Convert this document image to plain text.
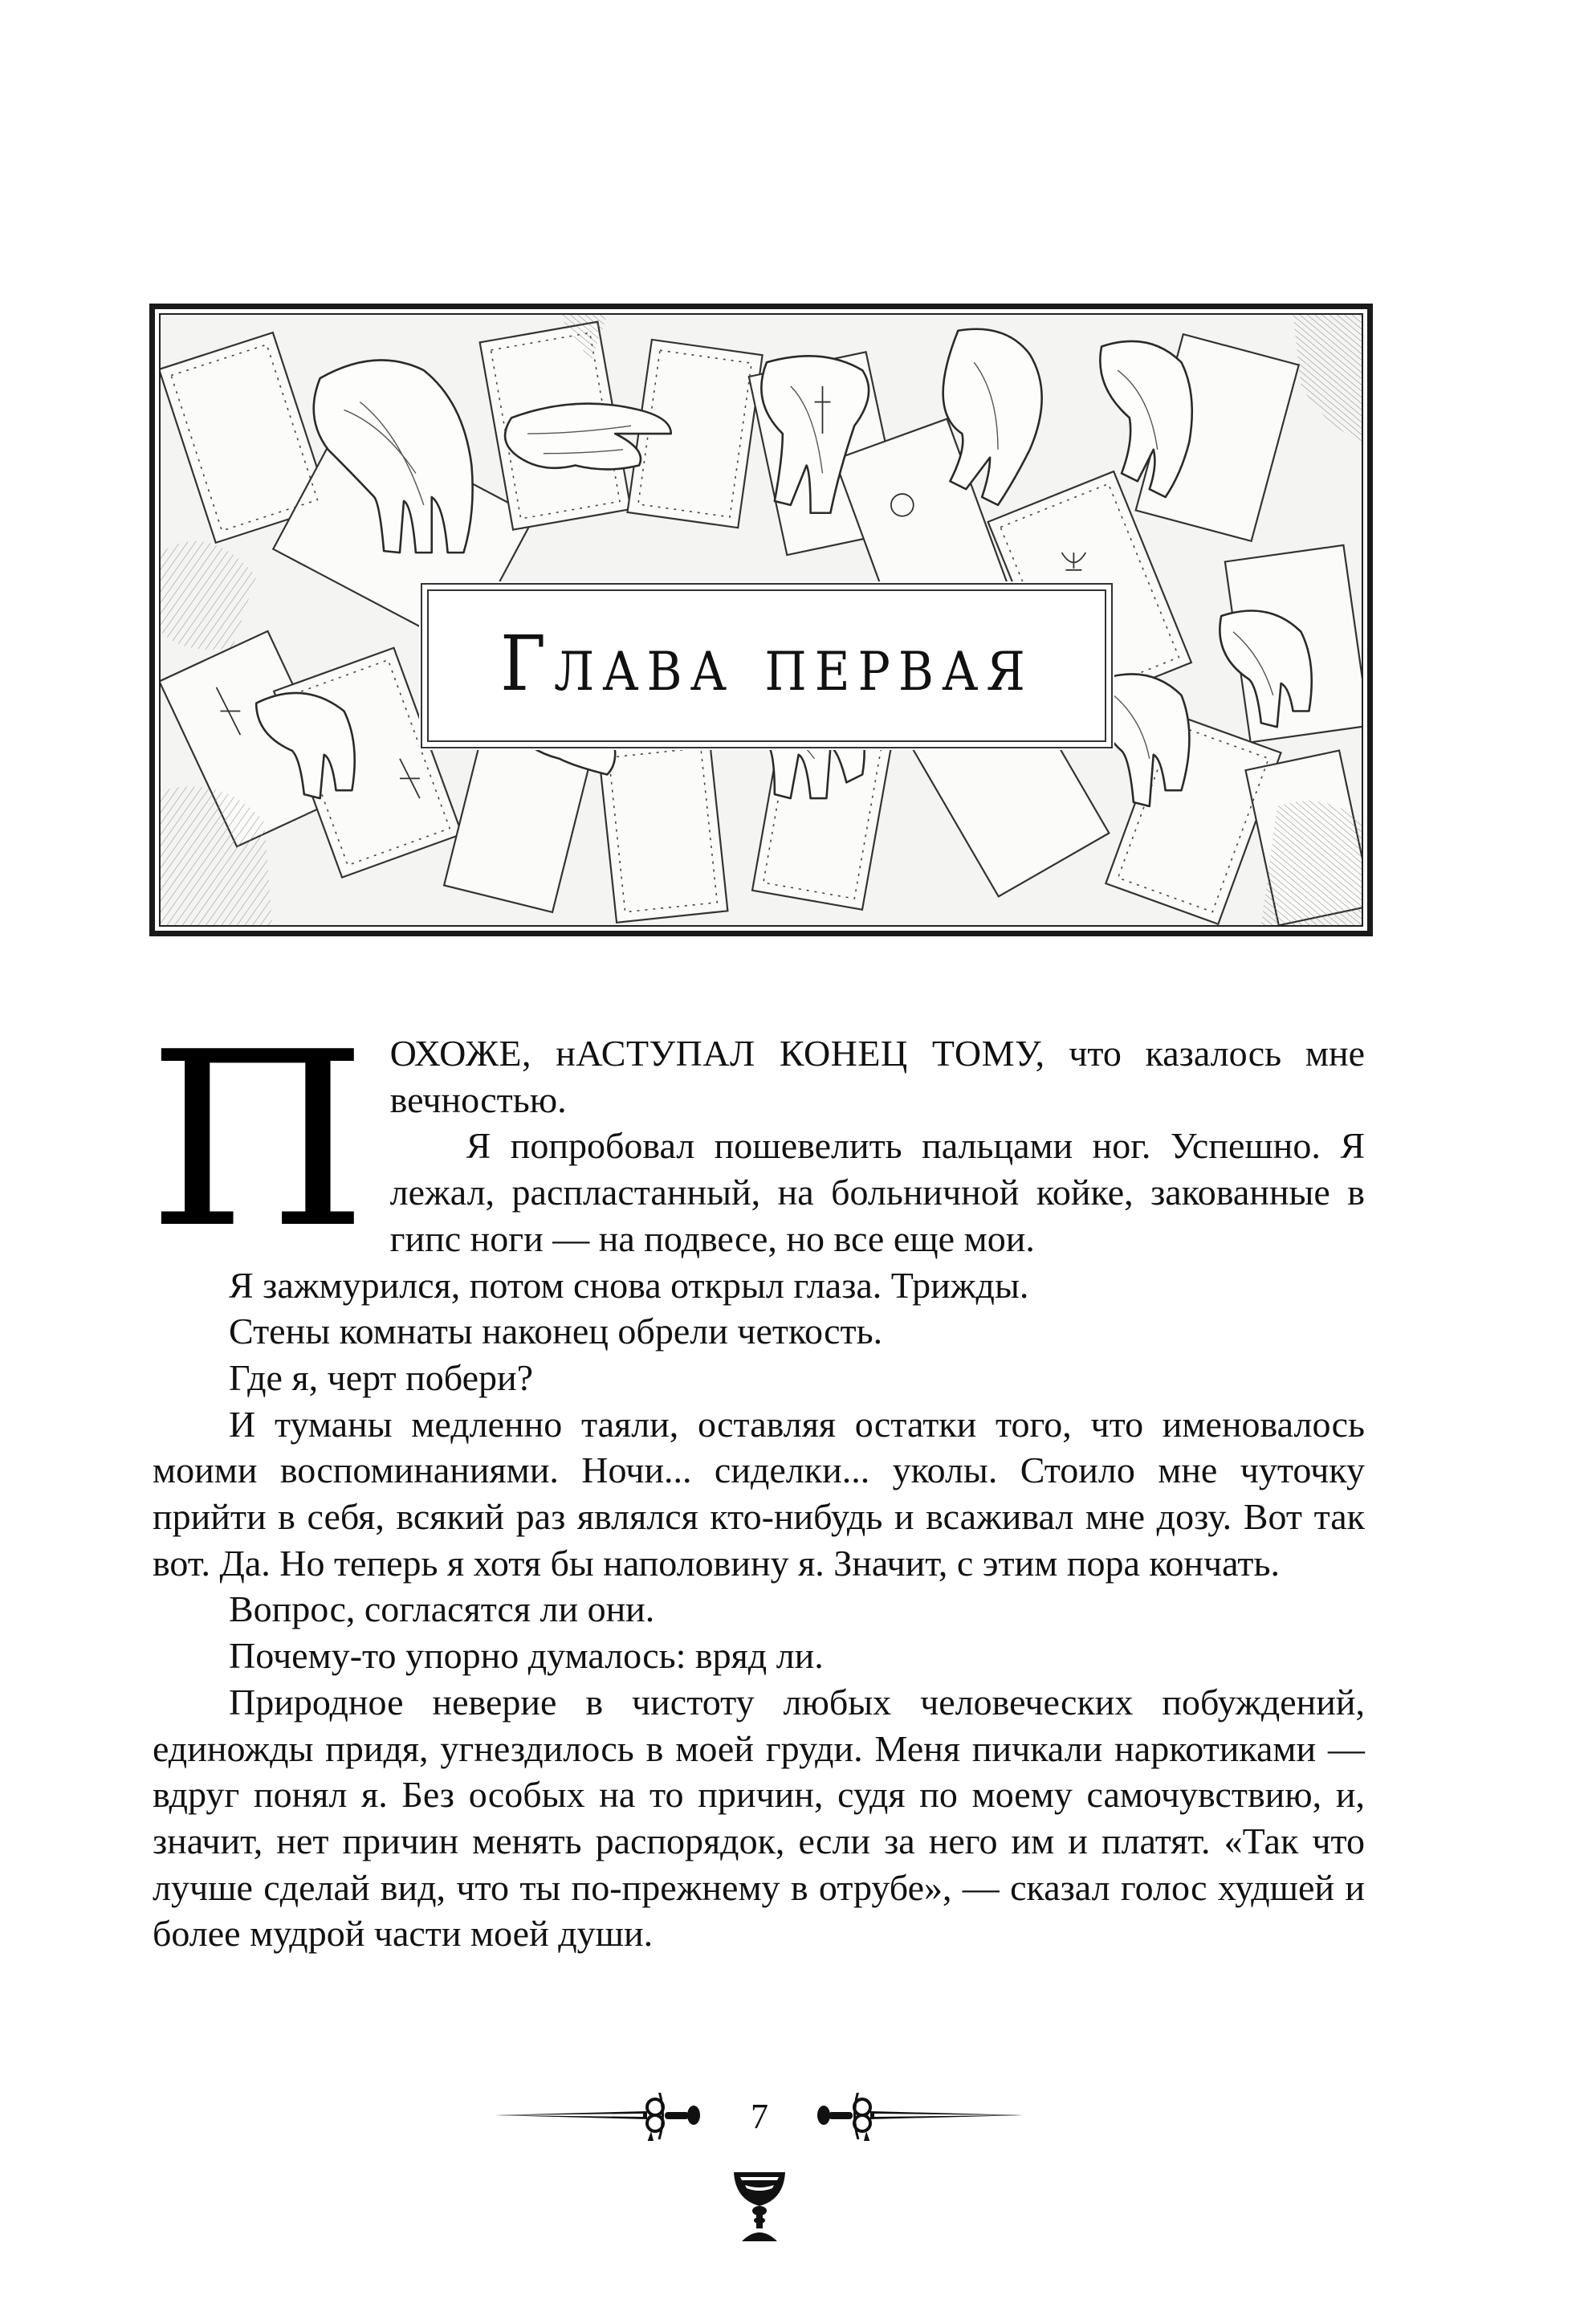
Глава первая

ПОХОЖЕ, нАСТУПАЛ КОНЕЦ ТОМУ, что казалось мне вечностью.

Я попробовал пошевелить пальцами ног. Успешно. Я лежал, распластанный, на больничной койке, закованные в гипс ноги — на подвесе, но все еще мои.

Я зажмурился, потом снова открыл глаза. Трижды.

Стены комнаты наконец обрели четкость.

Где я, черт побери?

И туманы медленно таяли, оставляя остатки того, что именовалось моими воспоминаниями. Ночи... сиделки... уколы. Стоило мне чуточку прийти в себя, всякий раз являлся кто-нибудь и всаживал мне дозу. Вот так вот. Да. Но теперь я хотя бы наполовину я. Значит, с этим пора кончать.

Вопрос, согласятся ли они.

Почему-то упорно думалось: вряд ли.

Природное неверие в чистоту любых человеческих побуждений, единожды придя, угнездилось в моей груди. Меня пичкали наркотиками — вдруг понял я. Без особых на то причин, судя по моему самочувствию, и, значит, нет причин менять распорядок, если за него им и платят. «Так что лучше сделай вид, что ты по-прежнему в отрубе», — сказал голос худшей и более мудрой части моей души.

7
